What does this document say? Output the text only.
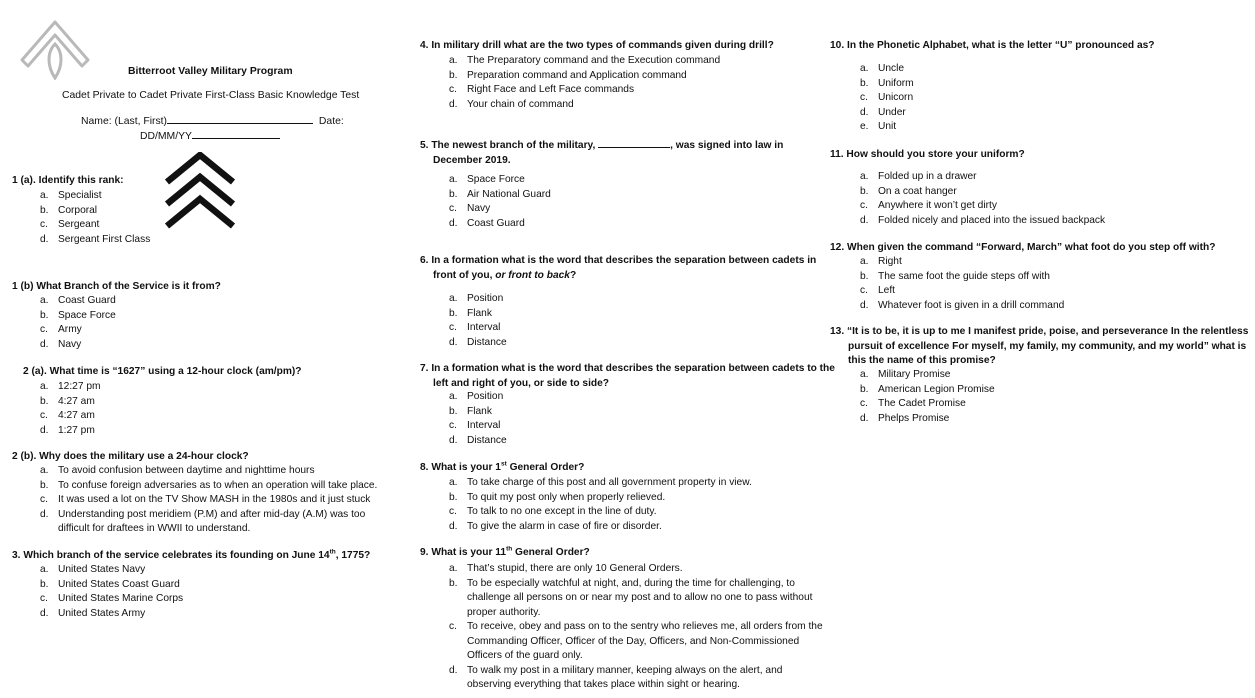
Bitterroot Valley Military Program
Cadet Private to Cadet Private First-Class Basic Knowledge Test
Name: (Last, First)	Date:
DD/MM/YY
1 (a). Identify this rank:
a. Specialist
b. Corporal
c. Sergeant
d. Sergeant First Class
1 (b) What Branch of the Service is it from?
a. Coast Guard
b. Space Force
c. Army
d. Navy
2 (a). What time is “1627” using a 12-hour clock (am/pm)?
a. 12:27 pm
b. 4:27 am
c. 4:27 am
d. 1:27 pm
2 (b). Why does the military use a 24-hour clock?
a. To avoid confusion between daytime and nighttime hours
b. To confuse foreign adversaries as to when an operation will take place.
c. It was used a lot on the TV Show MASH in the 1980s and it just stuck
d. Understanding post meridiem (P.M) and after mid-day (A.M) was too difficult for draftees in WWII to understand.
3. Which branch of the service celebrates its founding on June 14th, 1775?
a. United States Navy
b. United States Coast Guard
c. United States Marine Corps
d. United States Army
4. In military drill what are the two types of commands given during drill?
a. The Preparatory command and the Execution command
b. Preparation command and Application command
c. Right Face and Left Face commands
d. Your chain of command
5. The newest branch of the military,	, was signed into law in December 2019.
a. Space Force
b. Air National Guard
c. Navy
d. Coast Guard
6. In a formation what is the word that describes the separation between cadets in front of you, or front to back?
a. Position
b. Flank
c. Interval
d. Distance
7. In a formation what is the word that describes the separation between cadets to the left and right of you, or side to side?
a. Position
b. Flank
c. Interval
d. Distance
8. What is your 1st General Order?
a. To take charge of this post and all government property in view.
b. To quit my post only when properly relieved.
c. To talk to no one except in the line of duty.
d. To give the alarm in case of fire or disorder.
9. What is your 11th General Order?
a. That’s stupid, there are only 10 General Orders.
b. To be especially watchful at night, and, during the time for challenging, to challenge all persons on or near my post and to allow no one to pass without proper authority.
c. To receive, obey and pass on to the sentry who relieves me, all orders from the Commanding Officer, Officer of the Day, Officers, and Non-Commissioned Officers of the guard only.
d. To walk my post in a military manner, keeping always on the alert, and observing everything that takes place within sight or hearing.
10. In the Phonetic Alphabet, what is the letter “U” pronounced as?
a. Uncle
b. Uniform
c. Unicorn
d. Under
e. Unit
11. How should you store your uniform?
a. Folded up in a drawer
b. On a coat hanger
c. Anywhere it won’t get dirty
d. Folded nicely and placed into the issued backpack
12. When given the command “Forward, March” what foot do you step off with?
a. Right
b. The same foot the guide steps off with
c. Left
d. Whatever foot is given in a drill command
13. “It is to be, it is up to me I manifest pride, poise, and perseverance In the relentless pursuit of excellence For myself, my family, my community, and my world” what is this the name of this promise?
a. Military Promise
b. American Legion Promise
c. The Cadet Promise
d. Phelps Promise
